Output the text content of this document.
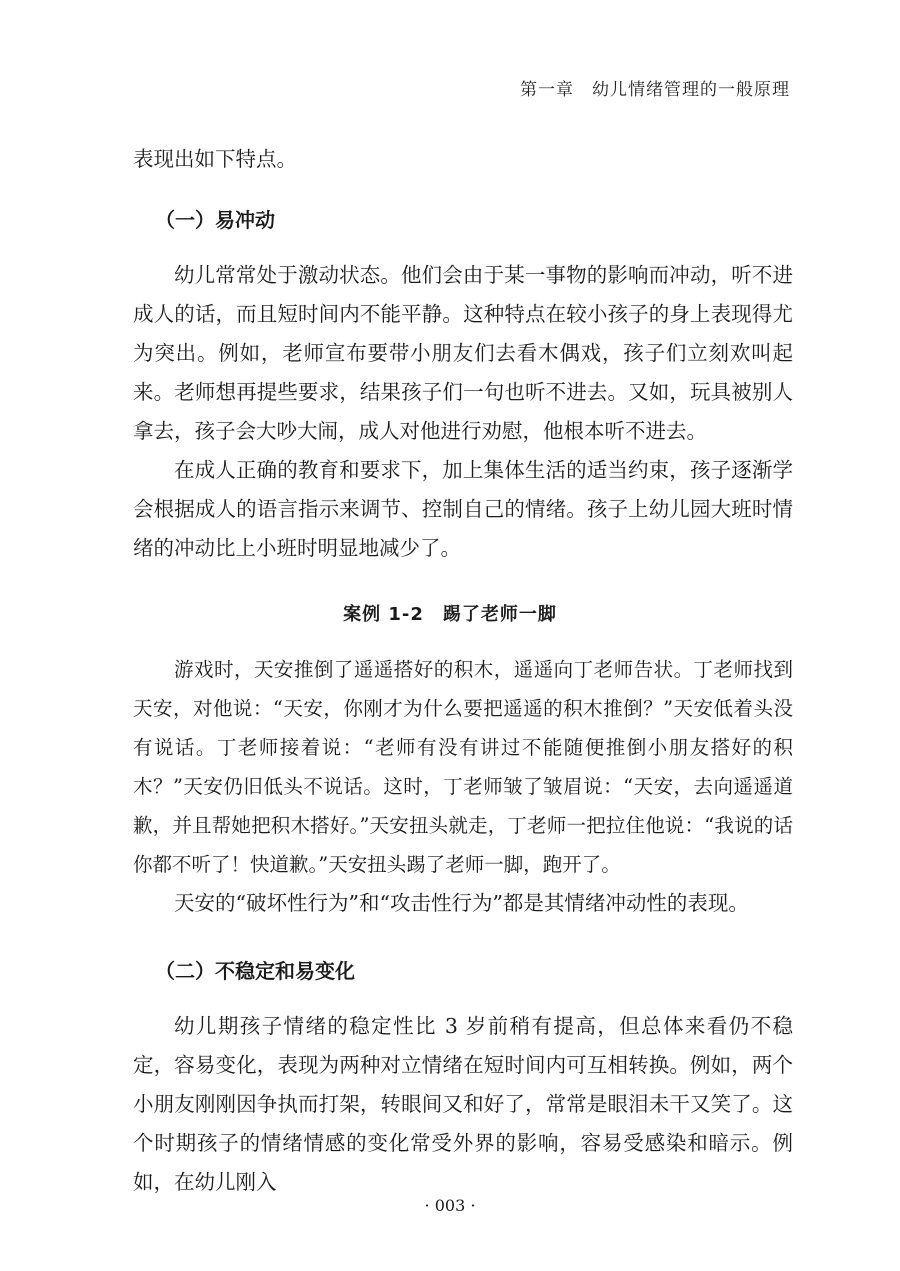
第一章　幼儿情绪管理的一般原理

表现出如下特点。

（一）易冲动

幼儿常常处于激动状态。他们会由于某一事物的影响而冲动，听不进成人的话，而且短时间内不能平静。这种特点在较小孩子的身上表现得尤为突出。例如，老师宣布要带小朋友们去看木偶戏，孩子们立刻欢叫起来。老师想再提些要求，结果孩子们一句也听不进去。又如，玩具被别人拿去，孩子会大吵大闹，成人对他进行劝慰，他根本听不进去。

在成人正确的教育和要求下，加上集体生活的适当约束，孩子逐渐学会根据成人的语言指示来调节、控制自己的情绪。孩子上幼儿园大班时情绪的冲动比上小班时明显地减少了。

案例 1-2　踢了老师一脚

游戏时，天安推倒了遥遥搭好的积木，遥遥向丁老师告状。丁老师找到天安，对他说：“天安，你刚才为什么要把遥遥的积木推倒？”天安低着头没有说话。丁老师接着说：“老师有没有讲过不能随便推倒小朋友搭好的积木？”天安仍旧低头不说话。这时，丁老师皱了皱眉说：“天安，去向遥遥道歉，并且帮她把积木搭好。”天安扭头就走，丁老师一把拉住他说：“我说的话你都不听了！快道歉。”天安扭头踢了老师一脚，跑开了。

天安的“破坏性行为”和“攻击性行为”都是其情绪冲动性的表现。

（二）不稳定和易变化

幼儿期孩子情绪的稳定性比 3 岁前稍有提高，但总体来看仍不稳定，容易变化，表现为两种对立情绪在短时间内可互相转换。例如，两个小朋友刚刚因争执而打架，转眼间又和好了，常常是眼泪未干又笑了。这个时期孩子的情绪情感的变化常受外界的影响，容易受感染和暗示。例如，在幼儿刚入

· 003 ·
